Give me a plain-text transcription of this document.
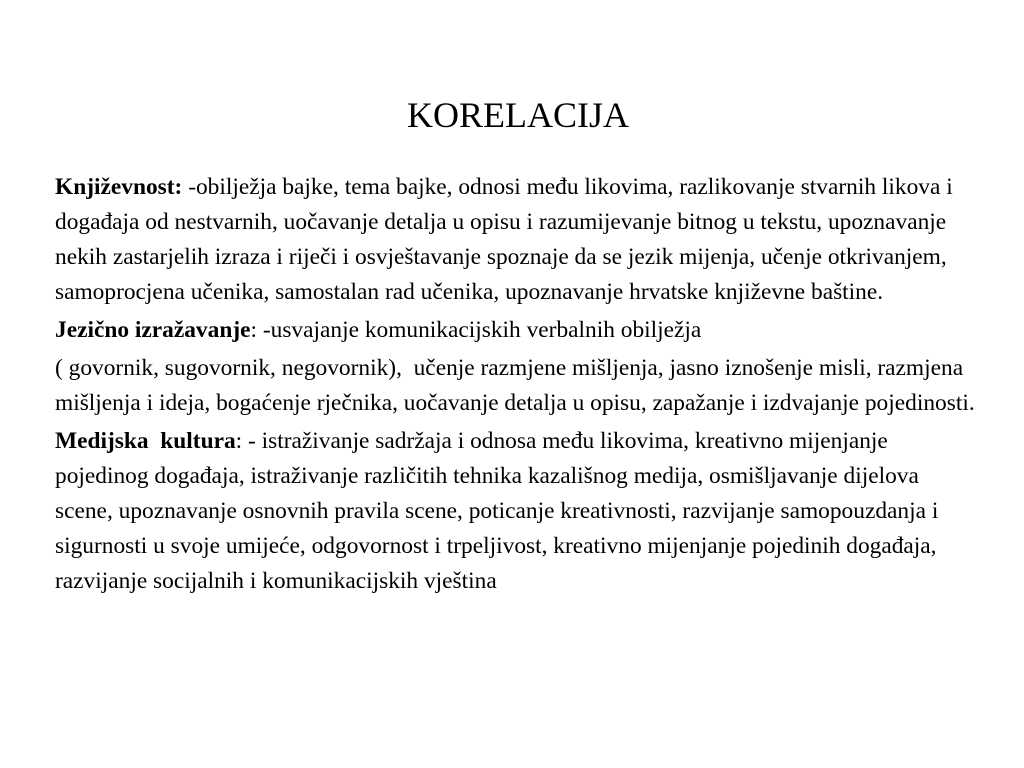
KORELACIJA

Književnost: -obilježja bajke, tema bajke, odnosi među likovima, razlikovanje stvarnih likova i događaja od nestvarnih, uočavanje detalja u opisu i razumijevanje bitnog u tekstu, upoznavanje nekih zastarjelih izraza i riječi i osvještavanje spoznaje da se jezik mijenja, učenje otkrivanjem, samoprocjena učenika, samostalan rad učenika, upoznavanje hrvatske književne baštine.

Jezično izražavanje: -usvajanje komunikacijskih verbalnih obilježja

( govornik, sugovornik, negovornik),  učenje razmjene mišljenja, jasno iznošenje misli, razmjena mišljenja i ideja, bogaćenje rječnika, uočavanje detalja u opisu, zapažanje i izdvajanje pojedinosti.

Medijska  kultura: - istraživanje sadržaja i odnosa među likovima, kreativno mijenjanje pojedinog događaja, istraživanje različitih tehnika kazališnog medija, osmišljavanje dijelova scene, upoznavanje osnovnih pravila scene, poticanje kreativnosti, razvijanje samopouzdanja i sigurnosti u svoje umijeće, odgovornost i trpeljivost, kreativno mijenjanje pojedinih događaja, razvijanje socijalnih i komunikacijskih vještina
